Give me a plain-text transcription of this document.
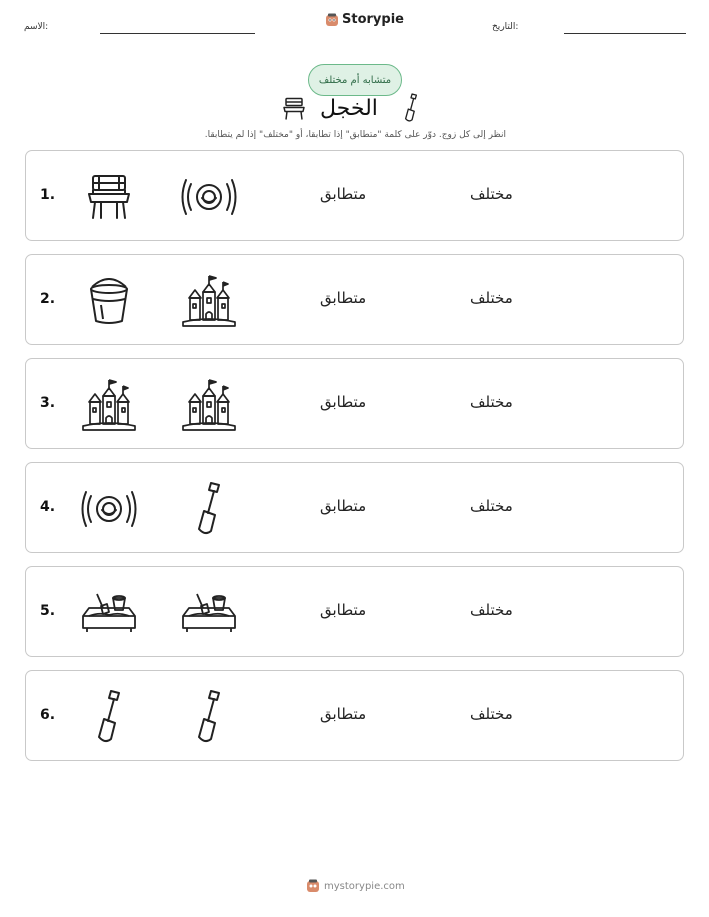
الاسم:	Storypie	التاريخ:
متشابه أم مختلف
الخجل
انظر إلى كل زوج. دوّر على كلمة "متطابق" إذا تطابقا، أو "مختلف" إذا لم يتطابقا.
1.	متطابق	مختلف
2.	متطابق	مختلف
3.	متطابق	مختلف
4.	متطابق	مختلف
5.	متطابق	مختلف
6.	متطابق	مختلف
mystorypie.com
